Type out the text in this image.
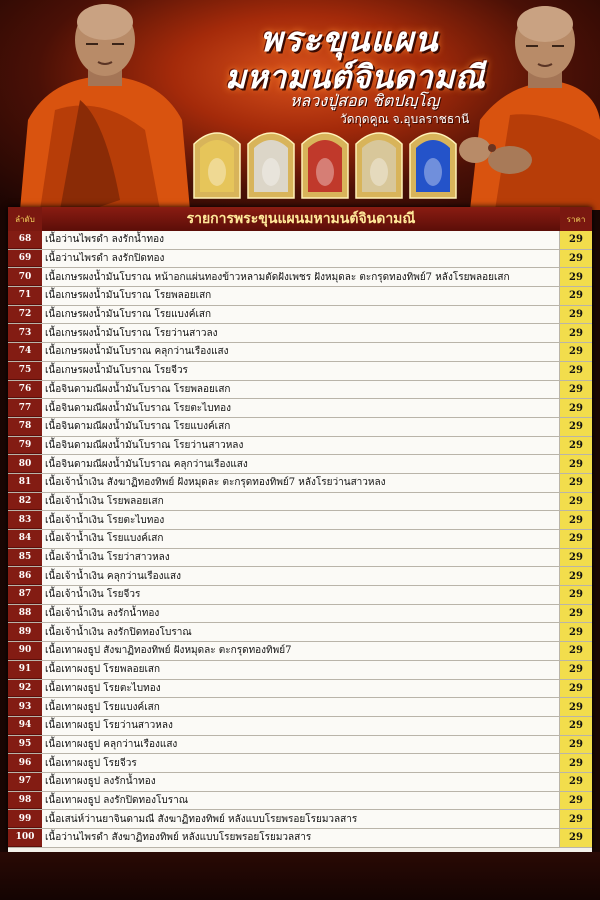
พระขุนแผน
มหามนต์จินดามณี
หลวงปู่สอด ชิตปญฺโญ
วัดกุดคูณ จ.อุบลราชธานี
ลำดับ	รายการพระขุนแผนมหามนต์จินดามณี	ราคา
68	เนื้อว่านไพรดำ ลงรักน้ำทอง	29
69	เนื้อว่านไพรดำ ลงรักปิดทอง	29
70	เนื้อเกษรผงน้ำมันโบราณ หน้าอกแผ่นทองข้าวหลามตัดฝังเพชร ฝังหมุดละ ตะกรุดทองทิพย์7 หลังโรยพลอยเสก	29
71	เนื้อเกษรผงน้ำมันโบราณ โรยพลอยเสก	29
72	เนื้อเกษรผงน้ำมันโบราณ โรยแบงค์เสก	29
73	เนื้อเกษรผงน้ำมันโบราณ โรยว่านสาวลง	29
74	เนื้อเกษรผงน้ำมันโบราณ คลุกว่านเรืองแสง	29
75	เนื้อเกษรผงน้ำมันโบราณ โรยจีวร	29
76	เนื้อจินดามณีผงน้ำมันโบราณ โรยพลอยเสก	29
77	เนื้อจินดามณีผงน้ำมันโบราณ โรยตะไบทอง	29
78	เนื้อจินดามณีผงน้ำมันโบราณ โรยแบงค์เสก	29
79	เนื้อจินดามณีผงน้ำมันโบราณ โรยว่านสาวหลง	29
80	เนื้อจินดามณีผงน้ำมันโบราณ คลุกว่านเรืองแสง	29
81	เนื้อเจ้าน้ำเงิน สังฆาฏิทองทิพย์ ฝังหมุดละ ตะกรุดทองทิพย์7 หลังโรยว่านสาวหลง	29
82	เนื้อเจ้าน้ำเงิน โรยพลอยเสก	29
83	เนื้อเจ้าน้ำเงิน โรยตะไบทอง	29
84	เนื้อเจ้าน้ำเงิน โรยแบงค์เสก	29
85	เนื้อเจ้าน้ำเงิน โรยว่าสาวหลง	29
86	เนื้อเจ้าน้ำเงิน คลุกว่านเรืองแสง	29
87	เนื้อเจ้าน้ำเงิน โรยจีวร	29
88	เนื้อเจ้าน้ำเงิน ลงรักน้ำทอง	29
89	เนื้อเจ้าน้ำเงิน ลงรักปิดทองโบราณ	29
90	เนื้อเทาผงธูป สังฆาฏิทองทิพย์ ฝังหมุดละ ตะกรุดทองทิพย์7	29
91	เนื้อเทาผงธูป โรยพลอยเสก	29
92	เนื้อเทาผงธูป โรยตะไบทอง	29
93	เนื้อเทาผงธูป โรยแบงค์เสก	29
94	เนื้อเทาผงธูป โรยว่านสาวหลง	29
95	เนื้อเทาผงธูป คลุกว่านเรืองแสง	29
96	เนื้อเทาผงธูป โรยจีวร	29
97	เนื้อเทาผงธูป ลงรักน้ำทอง	29
98	เนื้อเทาผงธูป ลงรักปิดทองโบราณ	29
99	เนื้อเสน่ห์ว่านยาจินดามณี สังฆาฏิทองทิพย์ หลังแบบโรยพรอยโรยมวลสาร	29
100	เนื้อว่านไพรดำ สังฆาฏิทองทิพย์ หลังแบบโรยพรอยโรยมวลสาร	29
